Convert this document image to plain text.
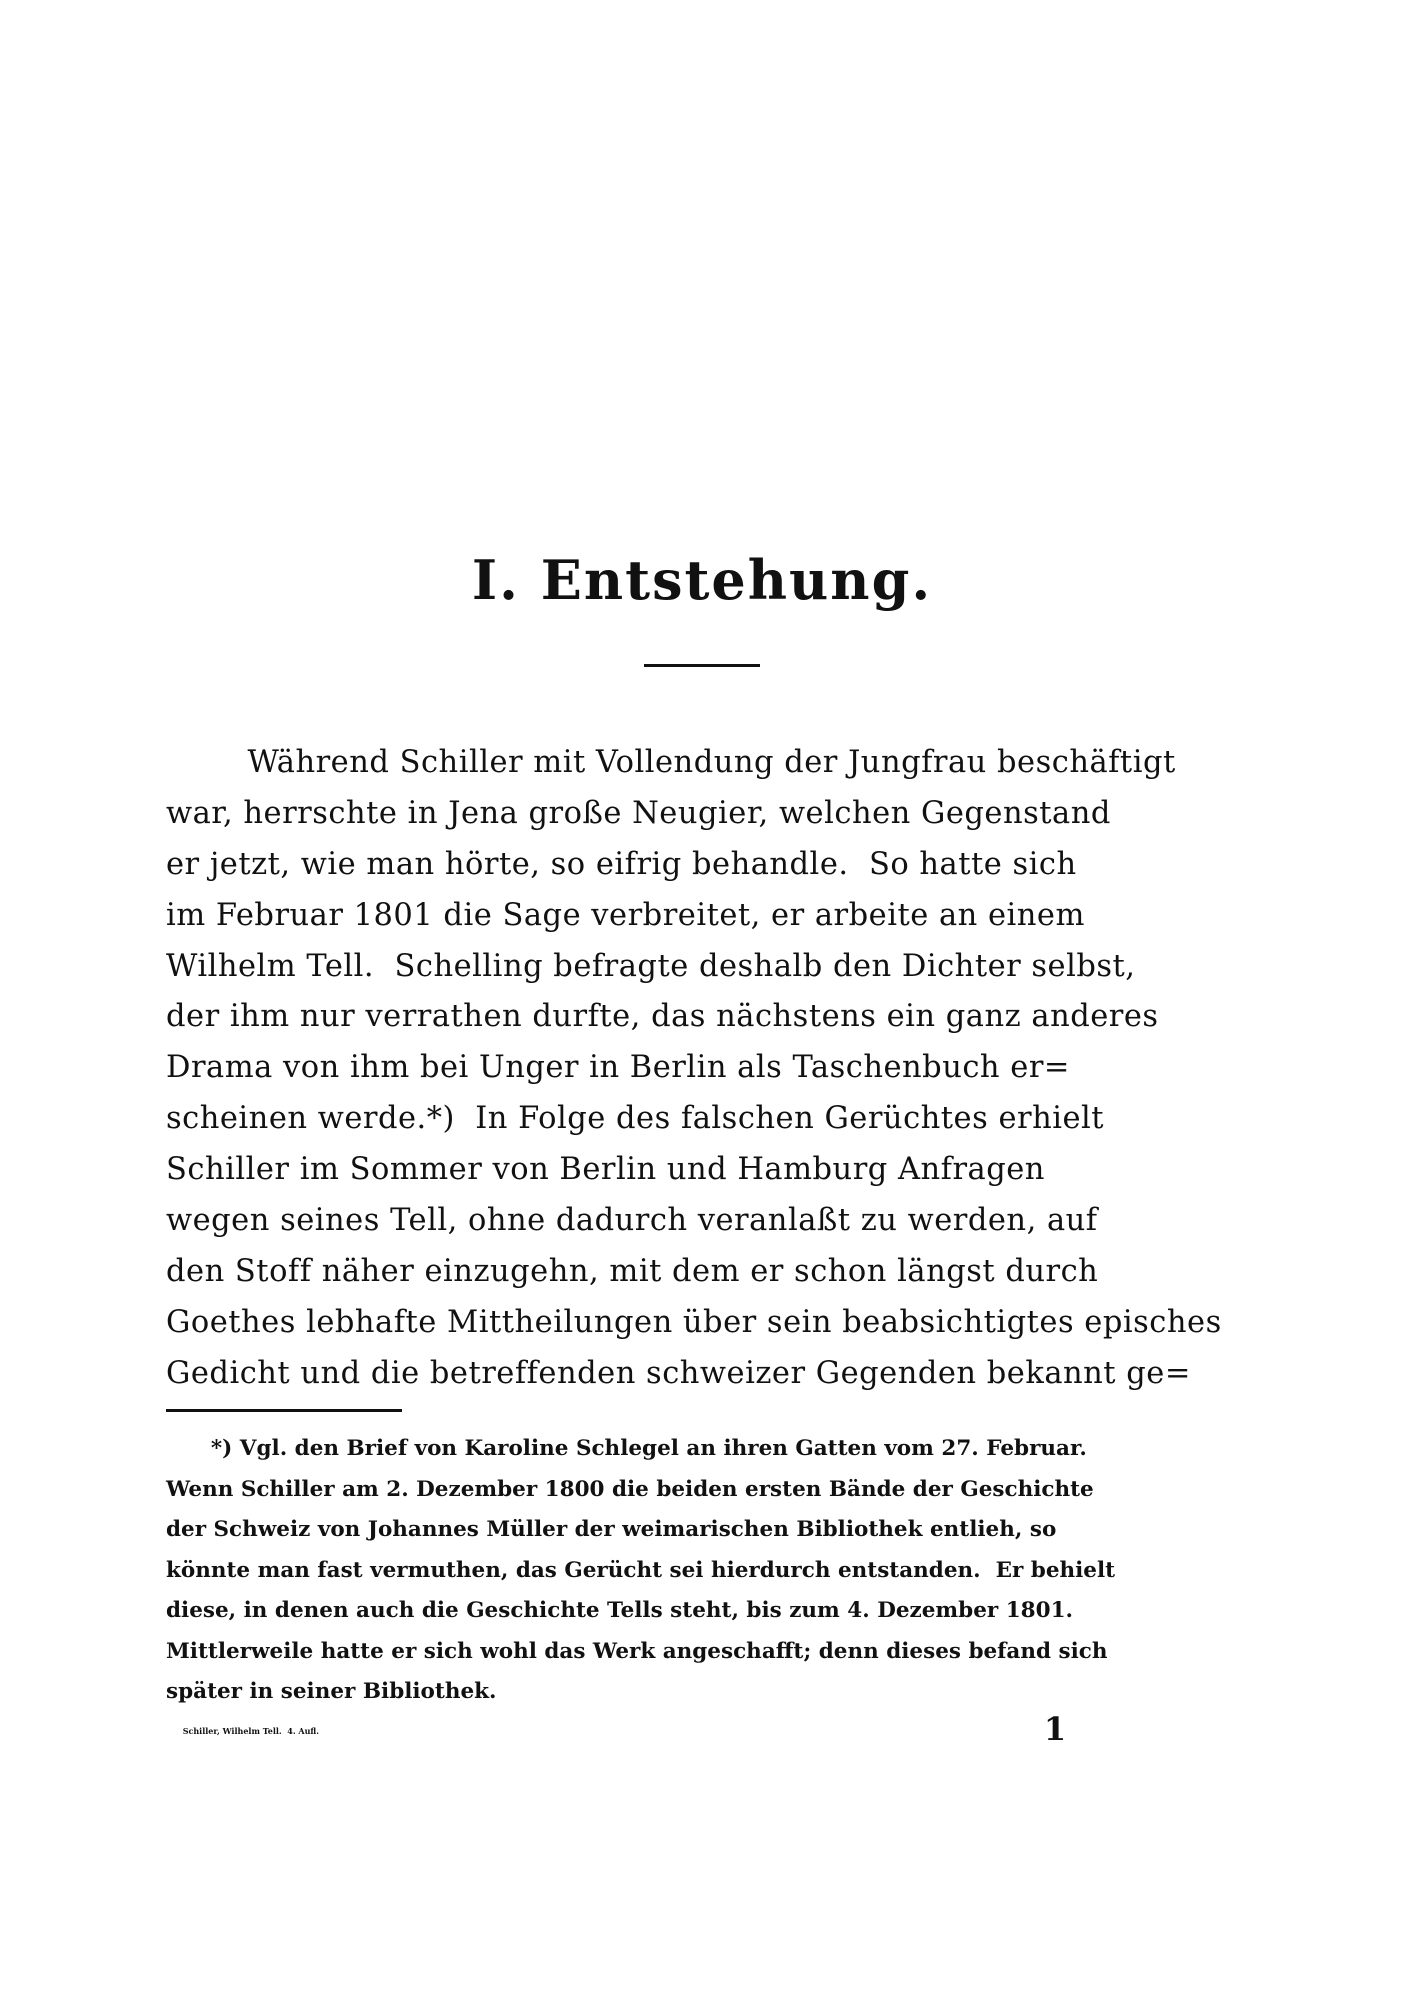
I. Entstehung.
Während Schiller mit Vollendung der Jungfrau beschäftigt
war, herrschte in Jena große Neugier, welchen Gegenstand
er jetzt, wie man hörte, so eifrig behandle.  So hatte sich
im Februar 1801 die Sage verbreitet, er arbeite an einem
Wilhelm Tell.  Schelling befragte deshalb den Dichter selbst,
der ihm nur verrathen durfte, das nächstens ein ganz anderes
Drama von ihm bei Unger in Berlin als Taschenbuch er=
scheinen werde.*)  In Folge des falschen Gerüchtes erhielt
Schiller im Sommer von Berlin und Hamburg Anfragen
wegen seines Tell, ohne dadurch veranlaßt zu werden, auf
den Stoff näher einzugehn, mit dem er schon längst durch
Goethes lebhafte Mittheilungen über sein beabsichtigtes episches
Gedicht und die betreffenden schweizer Gegenden bekannt ge=
*) Vgl. den Brief von Karoline Schlegel an ihren Gatten vom 27. Februar.
Wenn Schiller am 2. Dezember 1800 die beiden ersten Bände der Geschichte
der Schweiz von Johannes Müller der weimarischen Bibliothek entlieh, so
könnte man fast vermuthen, das Gerücht sei hierdurch entstanden.  Er behielt
diese, in denen auch die Geschichte Tells steht, bis zum 4. Dezember 1801.
Mittlerweile hatte er sich wohl das Werk angeschafft; denn dieses befand sich
später in seiner Bibliothek.
Schiller, Wilhelm Tell.  4. Aufl.	1
